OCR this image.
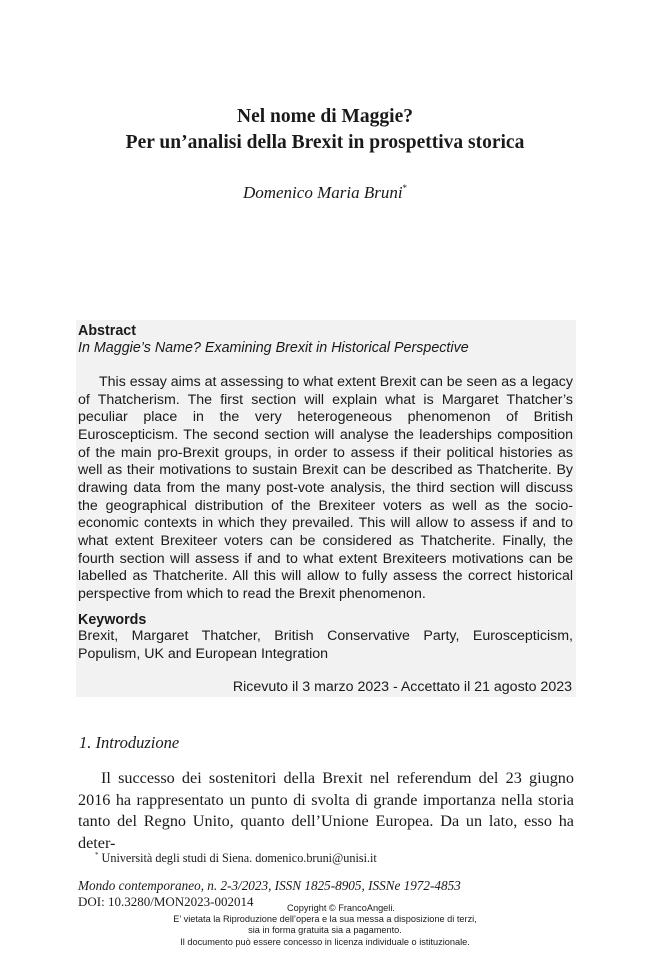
Nel nome di Maggie?
Per un’analisi della Brexit in prospettiva storica
Domenico Maria Bruni*
Abstract
In Maggie’s Name? Examining Brexit in Historical Perspective

This essay aims at assessing to what extent Brexit can be seen as a legacy of Thatcherism. The first section will explain what is Margaret Thatcher’s peculiar place in the very heterogeneous phenomenon of British Euroscepticism. The second section will analyse the leaderships composition of the main pro-Brexit groups, in order to assess if their political histories as well as their motivations to sustain Brexit can be described as Thatcherite. By drawing data from the many post-vote analysis, the third section will discuss the geographical distribution of the Brexiteer voters as well as the socio-economic contexts in which they prevailed. This will allow to assess if and to what extent Brexiteer voters can be considered as Thatcherite. Finally, the fourth section will assess if and to what extent Brexiteers motivations can be labelled as Thatcherite. All this will allow to fully assess the correct historical perspective from which to read the Brexit phenomenon.

Keywords

Brexit, Margaret Thatcher, British Conservative Party, Euroscepticism, Populism, UK and European Integration

Ricevuto il 3 marzo 2023 - Accettato il 21 agosto 2023
1. Introduzione

Il successo dei sostenitori della Brexit nel referendum del 23 giugno 2016 ha rappresentato un punto di svolta di grande importanza nella storia tanto del Regno Unito, quanto dell’Unione Europea. Da un lato, esso ha deter-

* Università degli studi di Siena. domenico.bruni@unisi.it
Mondo contemporaneo, n. 2-3/2023, ISSN 1825-8905, ISSNe 1972-4853
DOI: 10.3280/MON2023-002014	Copyright © FrancoAngeli.
E’ vietata la Riproduzione dell’opera e la sua messa a disposizione di terzi,
sia in forma gratuita sia a pagamento.
Il documento può essere concesso in licenza individuale o istituzionale.
